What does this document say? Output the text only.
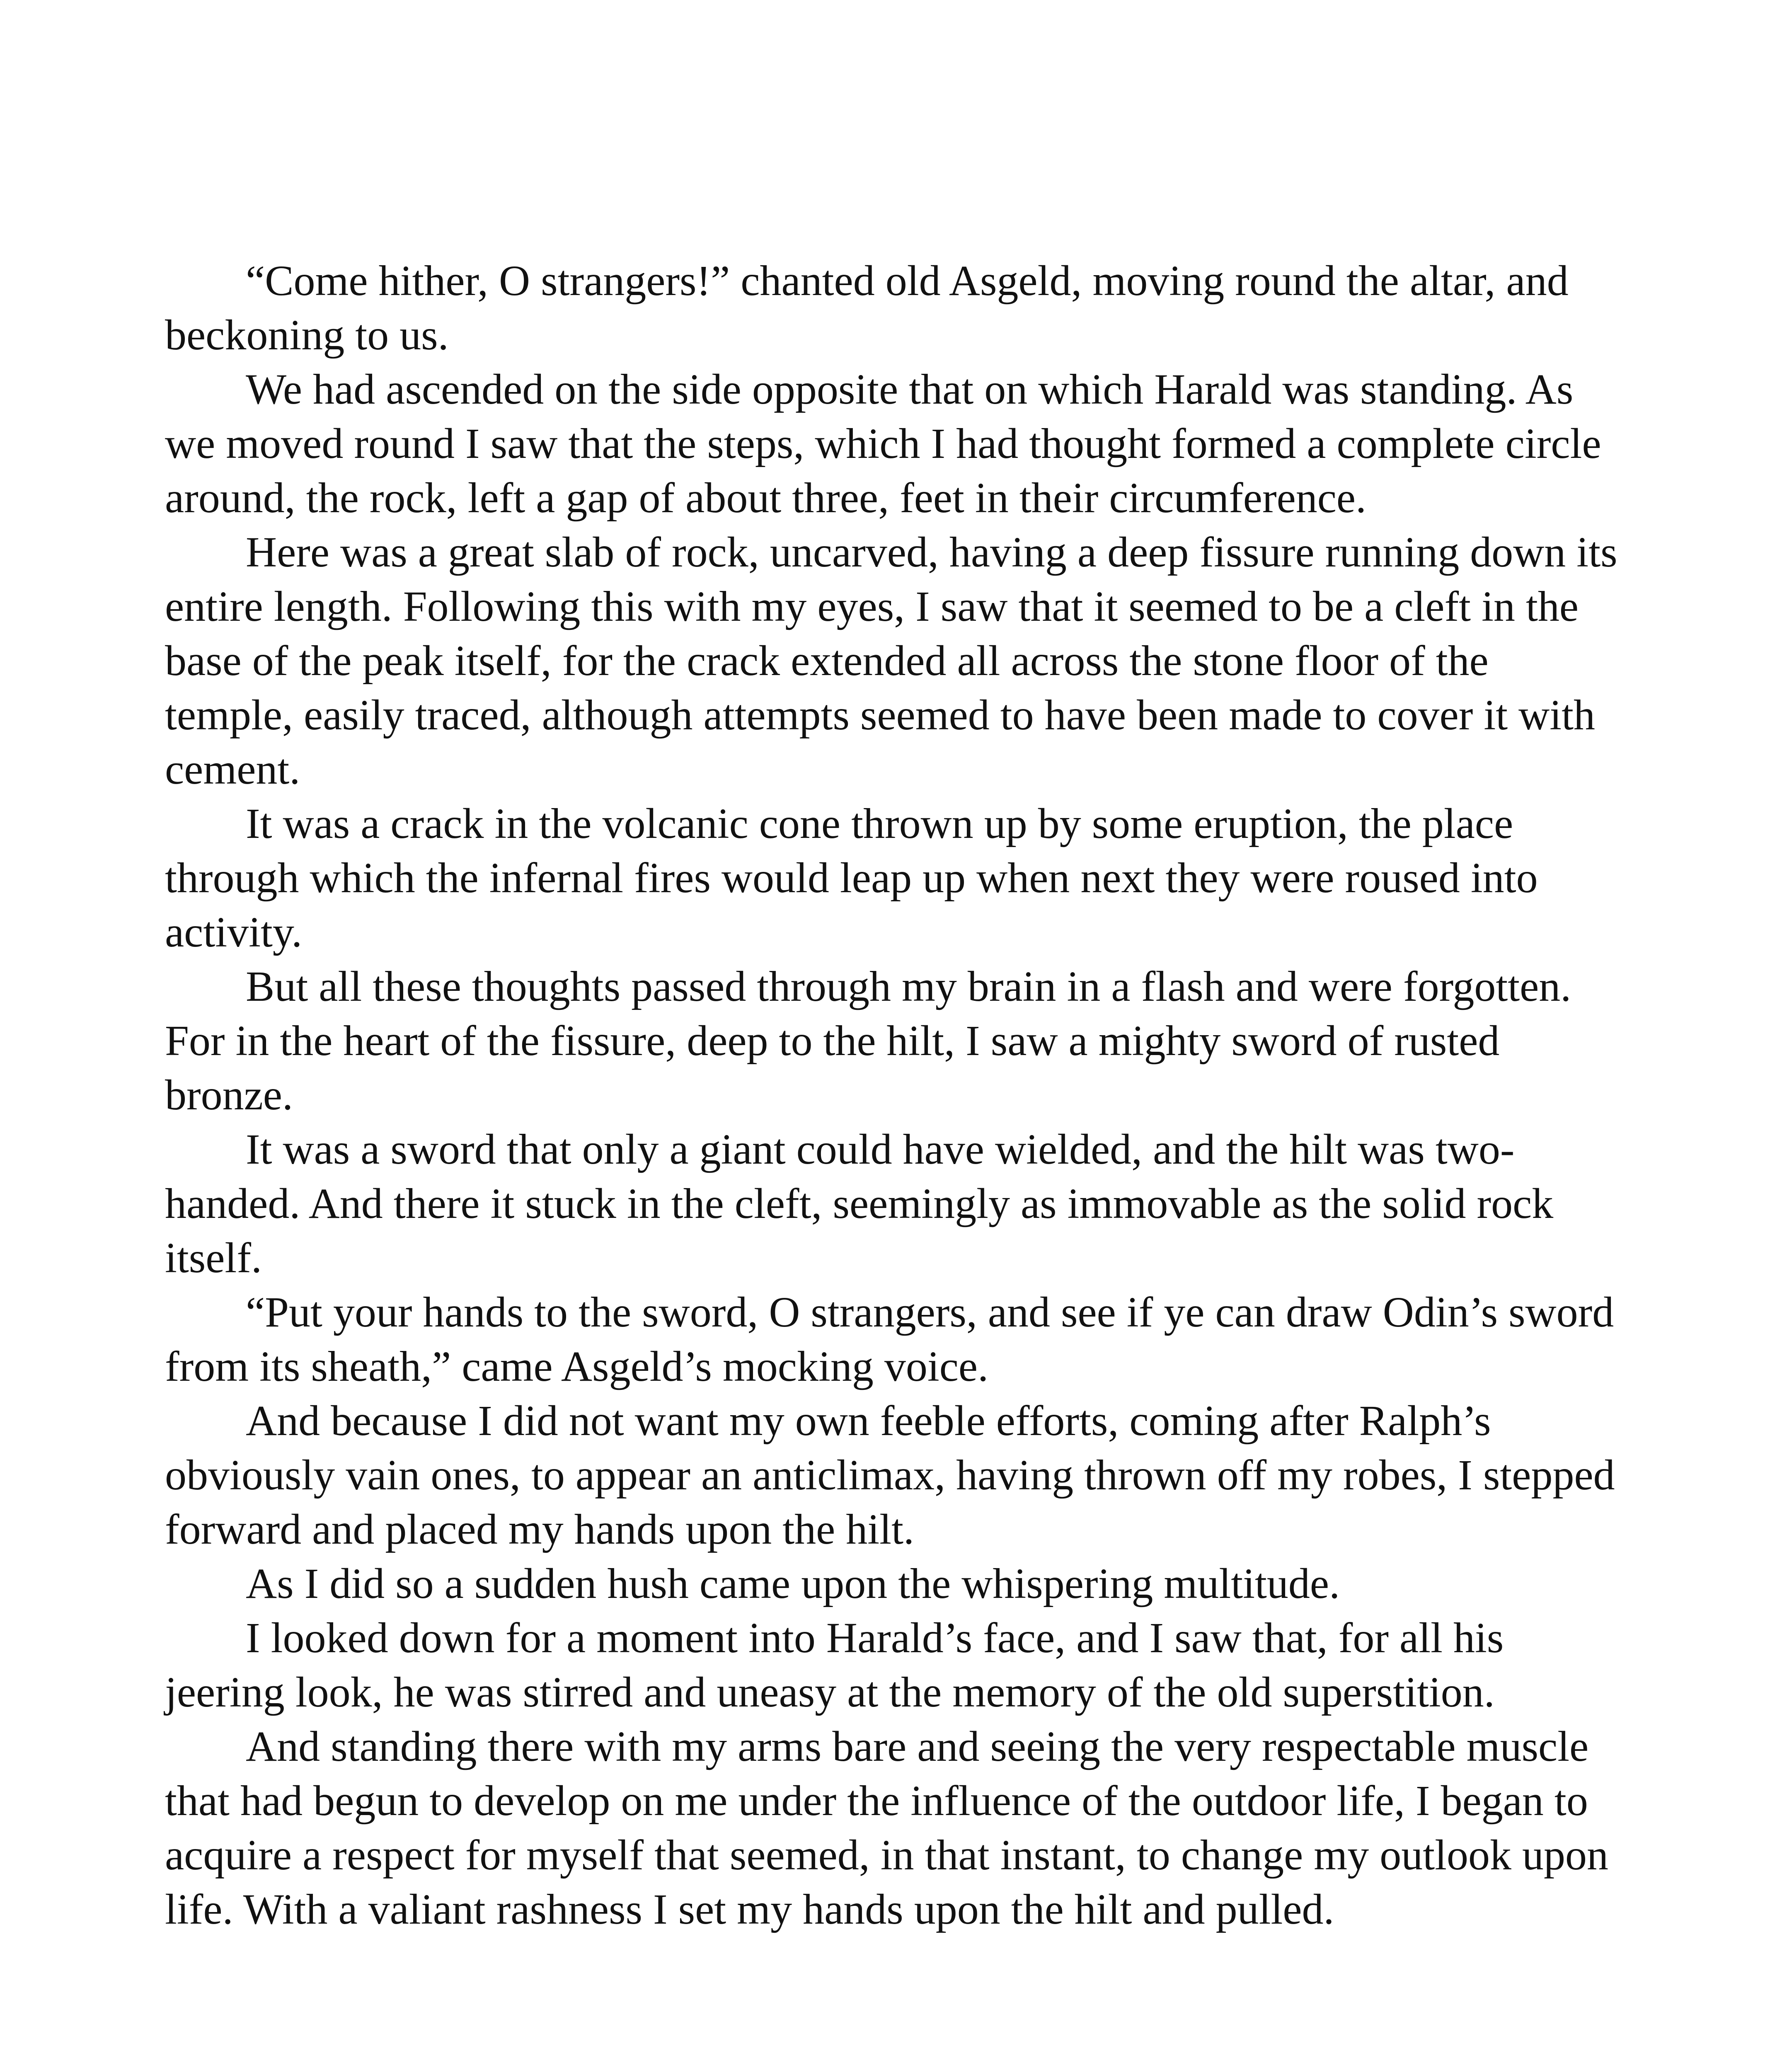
“Come hither, O strangers!” chanted old Asgeld, moving round the altar, and beckoning to us.

We had ascended on the side opposite that on which Harald was standing. As we moved round I saw that the steps, which I had thought formed a complete circle around, the rock, left a gap of about three, feet in their circumference.

Here was a great slab of rock, uncarved, having a deep fissure running down its entire length. Following this with my eyes, I saw that it seemed to be a cleft in the base of the peak itself, for the crack extended all across the stone floor of the temple, easily traced, although attempts seemed to have been made to cover it with cement.

It was a crack in the volcanic cone thrown up by some eruption, the place through which the infernal fires would leap up when next they were roused into activity.

But all these thoughts passed through my brain in a flash and were forgotten. For in the heart of the fissure, deep to the hilt, I saw a mighty sword of rusted bronze.

It was a sword that only a giant could have wielded, and the hilt was two-handed. And there it stuck in the cleft, seemingly as immovable as the solid rock itself.

“Put your hands to the sword, O strangers, and see if ye can draw Odin’s sword from its sheath,” came Asgeld’s mocking voice.

And because I did not want my own feeble efforts, coming after Ralph’s obviously vain ones, to appear an anticlimax, having thrown off my robes, I stepped forward and placed my hands upon the hilt.

As I did so a sudden hush came upon the whispering multitude.

I looked down for a moment into Harald’s face, and I saw that, for all his jeering look, he was stirred and uneasy at the memory of the old superstition.

And standing there with my arms bare and seeing the very respectable muscle that had begun to develop on me under the influence of the outdoor life, I began to acquire a respect for myself that seemed, in that instant, to change my outlook upon life. With a valiant rashness I set my hands upon the hilt and pulled.
